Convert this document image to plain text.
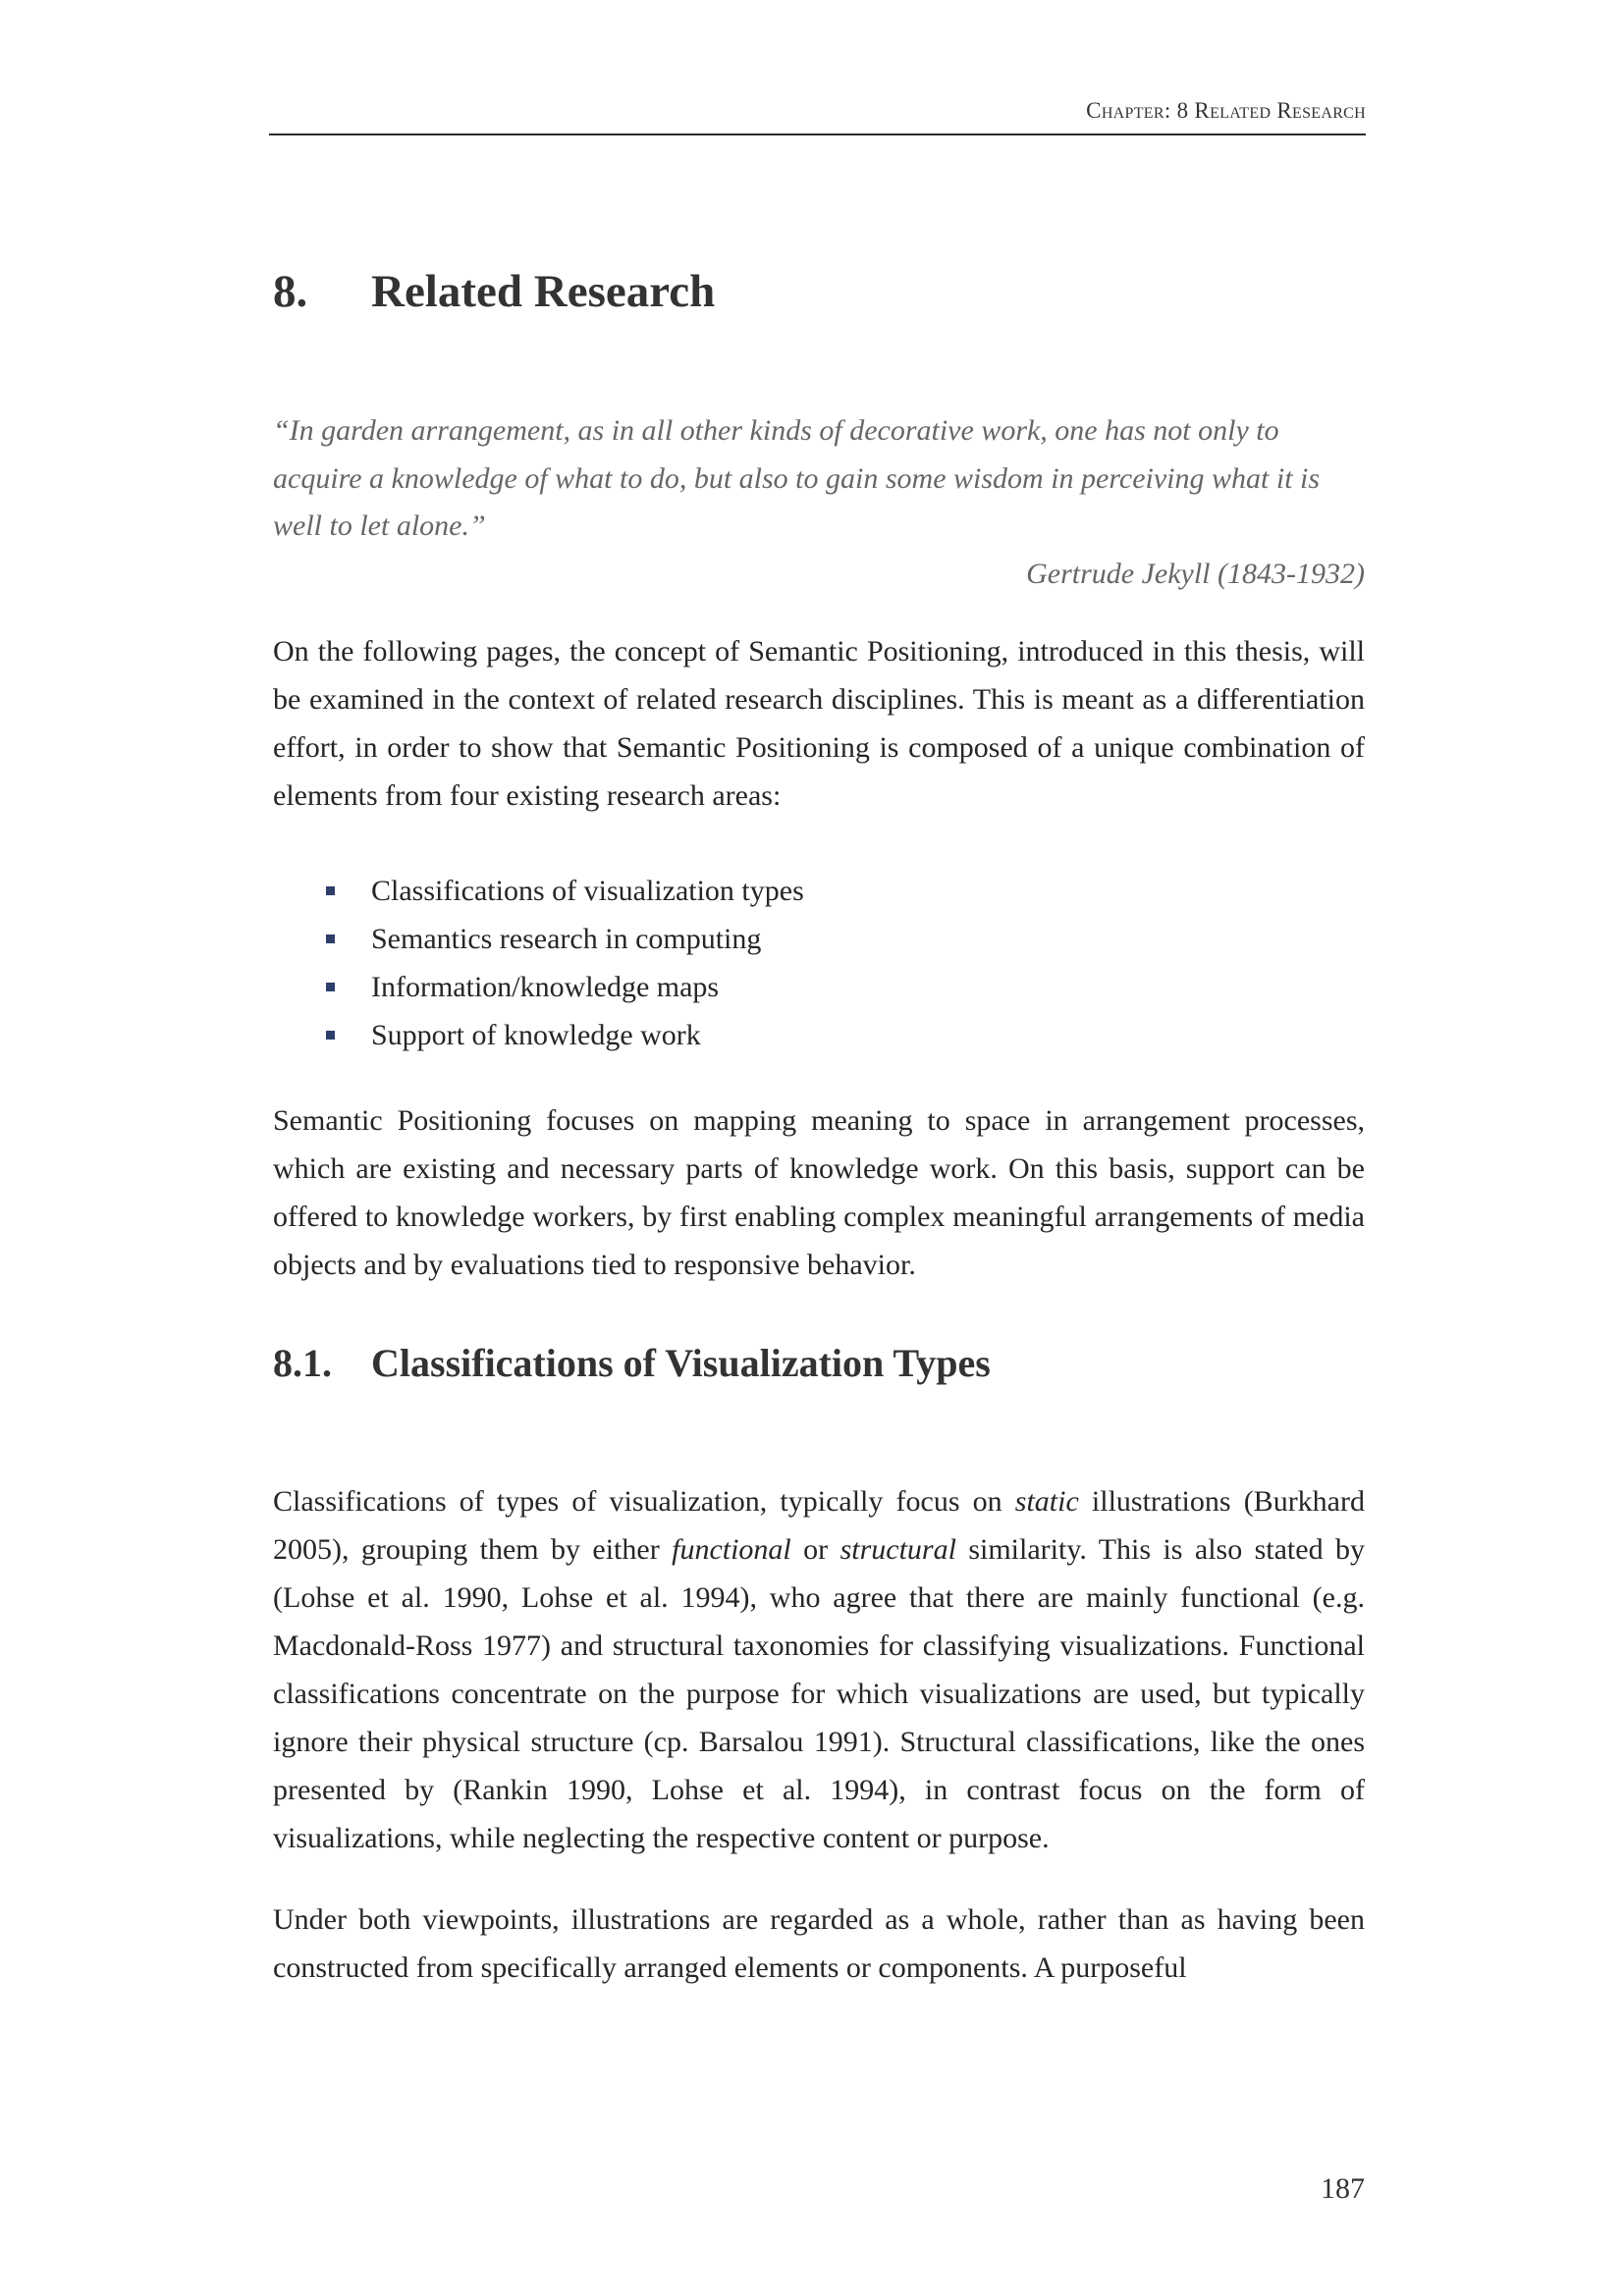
Chapter: 8 Related Research
8.	Related Research
“In garden arrangement, as in all other kinds of decorative work, one has not only to acquire a knowledge of what to do, but also to gain some wisdom in perceiving what it is well to let alone.”
Gertrude Jekyll (1843-1932)

On the following pages, the concept of Semantic Positioning, introduced in this thesis, will be examined in the context of related research disciplines. This is meant as a differentiation effort, in order to show that Semantic Positioning is composed of a unique combination of elements from four existing research areas:

Classifications of visualization types
Semantics research in computing
Information/knowledge maps
Support of knowledge work

Semantic Positioning focuses on mapping meaning to space in arrangement processes, which are existing and necessary parts of knowledge work. On this basis, support can be offered to knowledge workers, by first enabling complex meaningful arrangements of media objects and by evaluations tied to responsive behavior.

8.1.	Classifications of Visualization Types

Classifications of types of visualization, typically focus on static illustrations (Burkhard 2005), grouping them by either functional or structural similarity. This is also stated by (Lohse et al. 1990, Lohse et al. 1994), who agree that there are mainly functional (e.g. Macdonald-Ross 1977) and structural taxonomies for classifying visualizations. Functional classifications concentrate on the purpose for which visualizations are used, but typically ignore their physical structure (cp. Barsalou 1991). Structural classifications, like the ones presented by (Rankin 1990, Lohse et al. 1994), in contrast focus on the form of visualizations, while neglecting the respective content or purpose.

Under both viewpoints, illustrations are regarded as a whole, rather than as having been constructed from specifically arranged elements or components. A purposeful

187
